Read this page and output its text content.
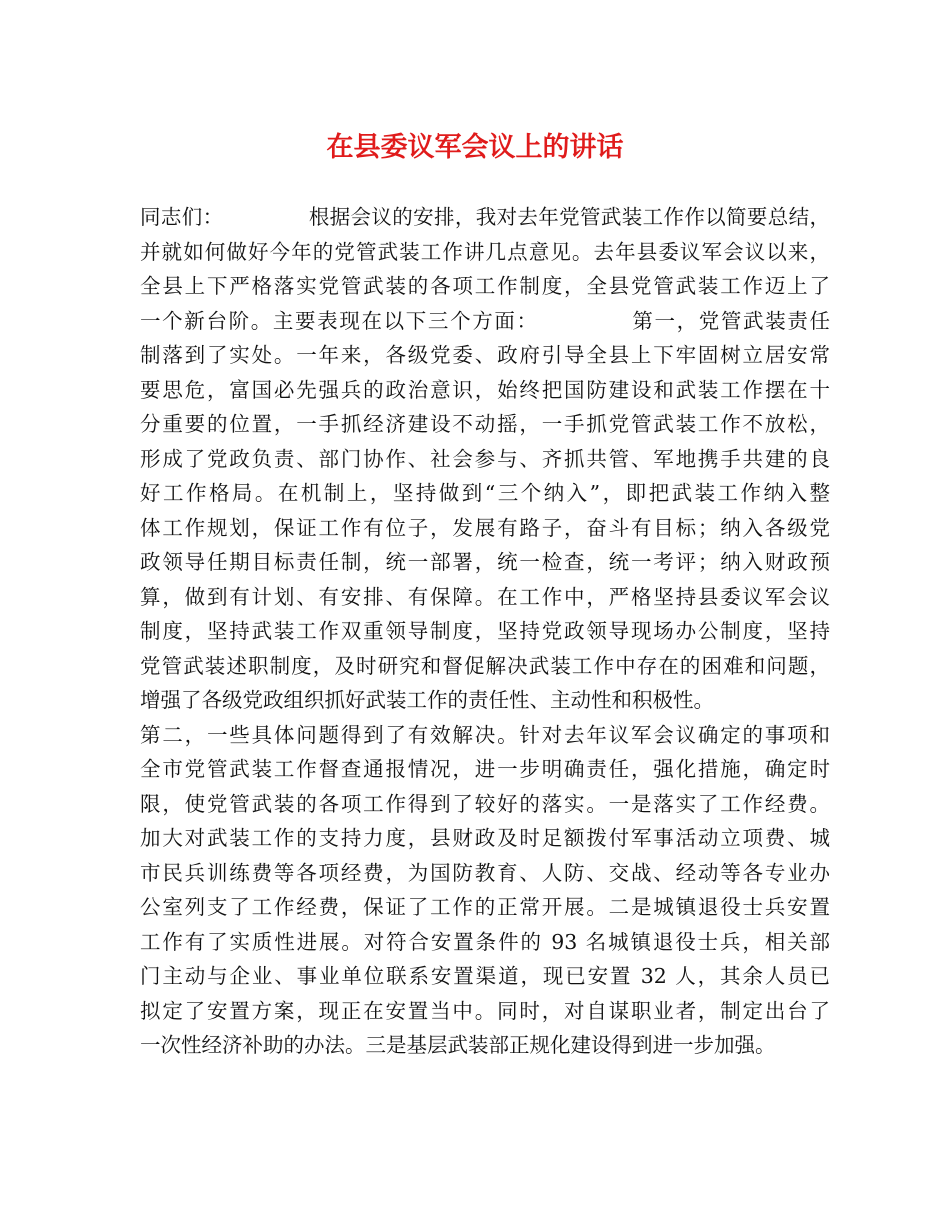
在县委议军会议上的讲话
同志们：	根据会议的安排，我对去年党管武装工作作以简要总结，
并就如何做好今年的党管武装工作讲几点意见。去年县委议军会议以来，
全县上下严格落实党管武装的各项工作制度，全县党管武装工作迈上了
一个新台阶。主要表现在以下三个方面：	第一，党管武装责任
制落到了实处。一年来，各级党委、政府引导全县上下牢固树立居安常
要思危，富国必先强兵的政治意识，始终把国防建设和武装工作摆在十
分重要的位置，一手抓经济建设不动摇，一手抓党管武装工作不放松，
形成了党政负责、部门协作、社会参与、齐抓共管、军地携手共建的良
好工作格局。在机制上，坚持做到“三个纳入”，即把武装工作纳入整
体工作规划，保证工作有位子，发展有路子，奋斗有目标；纳入各级党
政领导任期目标责任制，统一部署，统一检查，统一考评；纳入财政预
算，做到有计划、有安排、有保障。在工作中，严格坚持县委议军会议
制度，坚持武装工作双重领导制度，坚持党政领导现场办公制度，坚持
党管武装述职制度，及时研究和督促解决武装工作中存在的困难和问题，
增强了各级党政组织抓好武装工作的责任性、主动性和积极性。
第二，一些具体问题得到了有效解决。针对去年议军会议确定的事项和
全市党管武装工作督查通报情况，进一步明确责任，强化措施，确定时
限，使党管武装的各项工作得到了较好的落实。一是落实了工作经费。
加大对武装工作的支持力度，县财政及时足额拨付军事活动立项费、城
市民兵训练费等各项经费，为国防教育、人防、交战、经动等各专业办
公室列支了工作经费，保证了工作的正常开展。二是城镇退役士兵安置
工作有了实质性进展。对符合安置条件的 93 名城镇退役士兵，相关部
门主动与企业、事业单位联系安置渠道，现已安置 32 人，其余人员已
拟定了安置方案，现正在安置当中。同时，对自谋职业者，制定出台了
一次性经济补助的办法。三是基层武装部正规化建设得到进一步加强。
